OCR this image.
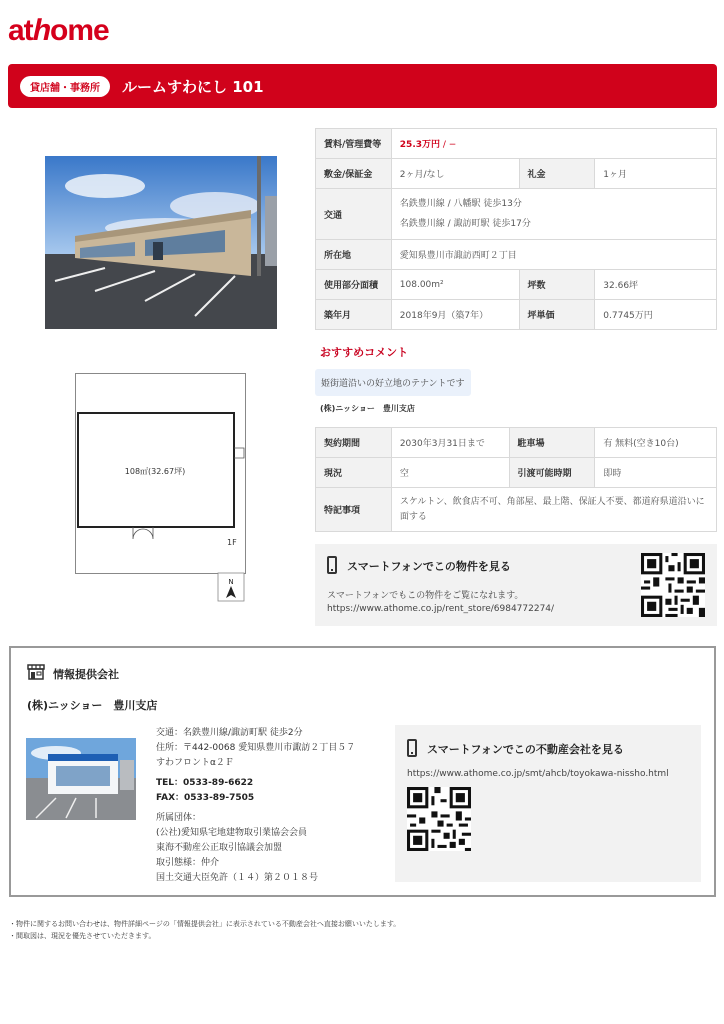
athome
貸店舗・事務所	ルームすわにし 101
108㎡(32.67坪)
1F
N
賃料/管理費等	25.3万円 / −		
敷金/保証金	2ヶ月/なし	礼金	1ヶ月
交通	名鉄豊川線 / 八幡駅 徒歩13分
名鉄豊川線 / 諏訪町駅 徒歩17分		

所在地	愛知県豊川市諏訪西町２丁目		
使用部分面積	108.00m²	坪数	32.66坪
築年月	2018年9月（築7年）	坪単価	0.7745万円
おすすめコメント
姫街道沿いの好立地のテナントです
(株)ニッショー　豊川支店
契約期間	2030年3月31日まで	駐車場	有 無料(空き10台)
現況	空	引渡可能時期	即時
特記事項	スケルトン、飲食店不可、角部屋、最上階、保証人不要、都道府県道沿いに面する		
スマートフォンでこの物件を見る
スマートフォンでもこの物件をご覧になれます。
https://www.athome.co.jp/rent_store/6984772274/
情報提供会社
(株)ニッショー　豊川支店
交通：名鉄豊川線/諏訪町駅 徒歩2分
住所：〒442-0068 愛知県豊川市諏訪２丁目５７
すわフロントα２Ｆ
TEL：0533-89-6622
FAX：0533-89-7505
所属団体：
(公社)愛知県宅地建物取引業協会会員
東海不動産公正取引協議会加盟
取引態様：仲介
国土交通大臣免許（１４）第２０１８号
スマートフォンでこの不動産会社を見る
https://www.athome.co.jp/smt/ahcb/toyokawa-nissho.html
・物件に関するお問い合わせは、物件詳細ページの「情報提供会社」に表示されている不動産会社へ直接お願いいたします。
・間取図は、現況を優先させていただきます。
